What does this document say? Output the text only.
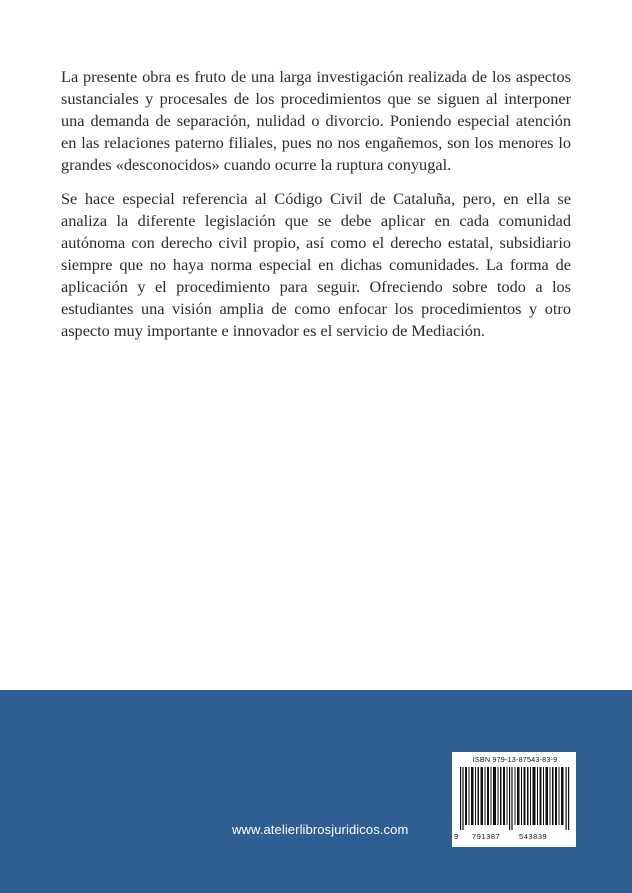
La presente obra es fruto de una larga investigación realizada de los aspectos sustanciales y procesales de los procedimientos que se siguen al interponer una demanda de separación, nulidad o divorcio. Poniendo especial atención en las relaciones paterno filiales, pues no nos engañemos, son los menores lo grandes «desconocidos» cuando ocurre la ruptura conyugal.

Se hace especial referencia al Código Civil de Cataluña, pero, en ella se analiza la diferente legislación que se debe aplicar en cada comunidad autónoma con derecho civil propio, así como el derecho estatal, subsidiario siempre que no haya norma especial en dichas comunidades. La forma de aplicación y el procedimiento para seguir. Ofreciendo sobre todo a los estudiantes una visión amplia de como enfocar los procedimientos y otro aspecto muy importante e innovador es el servicio de Mediación.

www.atelierlibrosjuridicos.com
ISBN 979-13-87543-83-9
9 791387	543839
